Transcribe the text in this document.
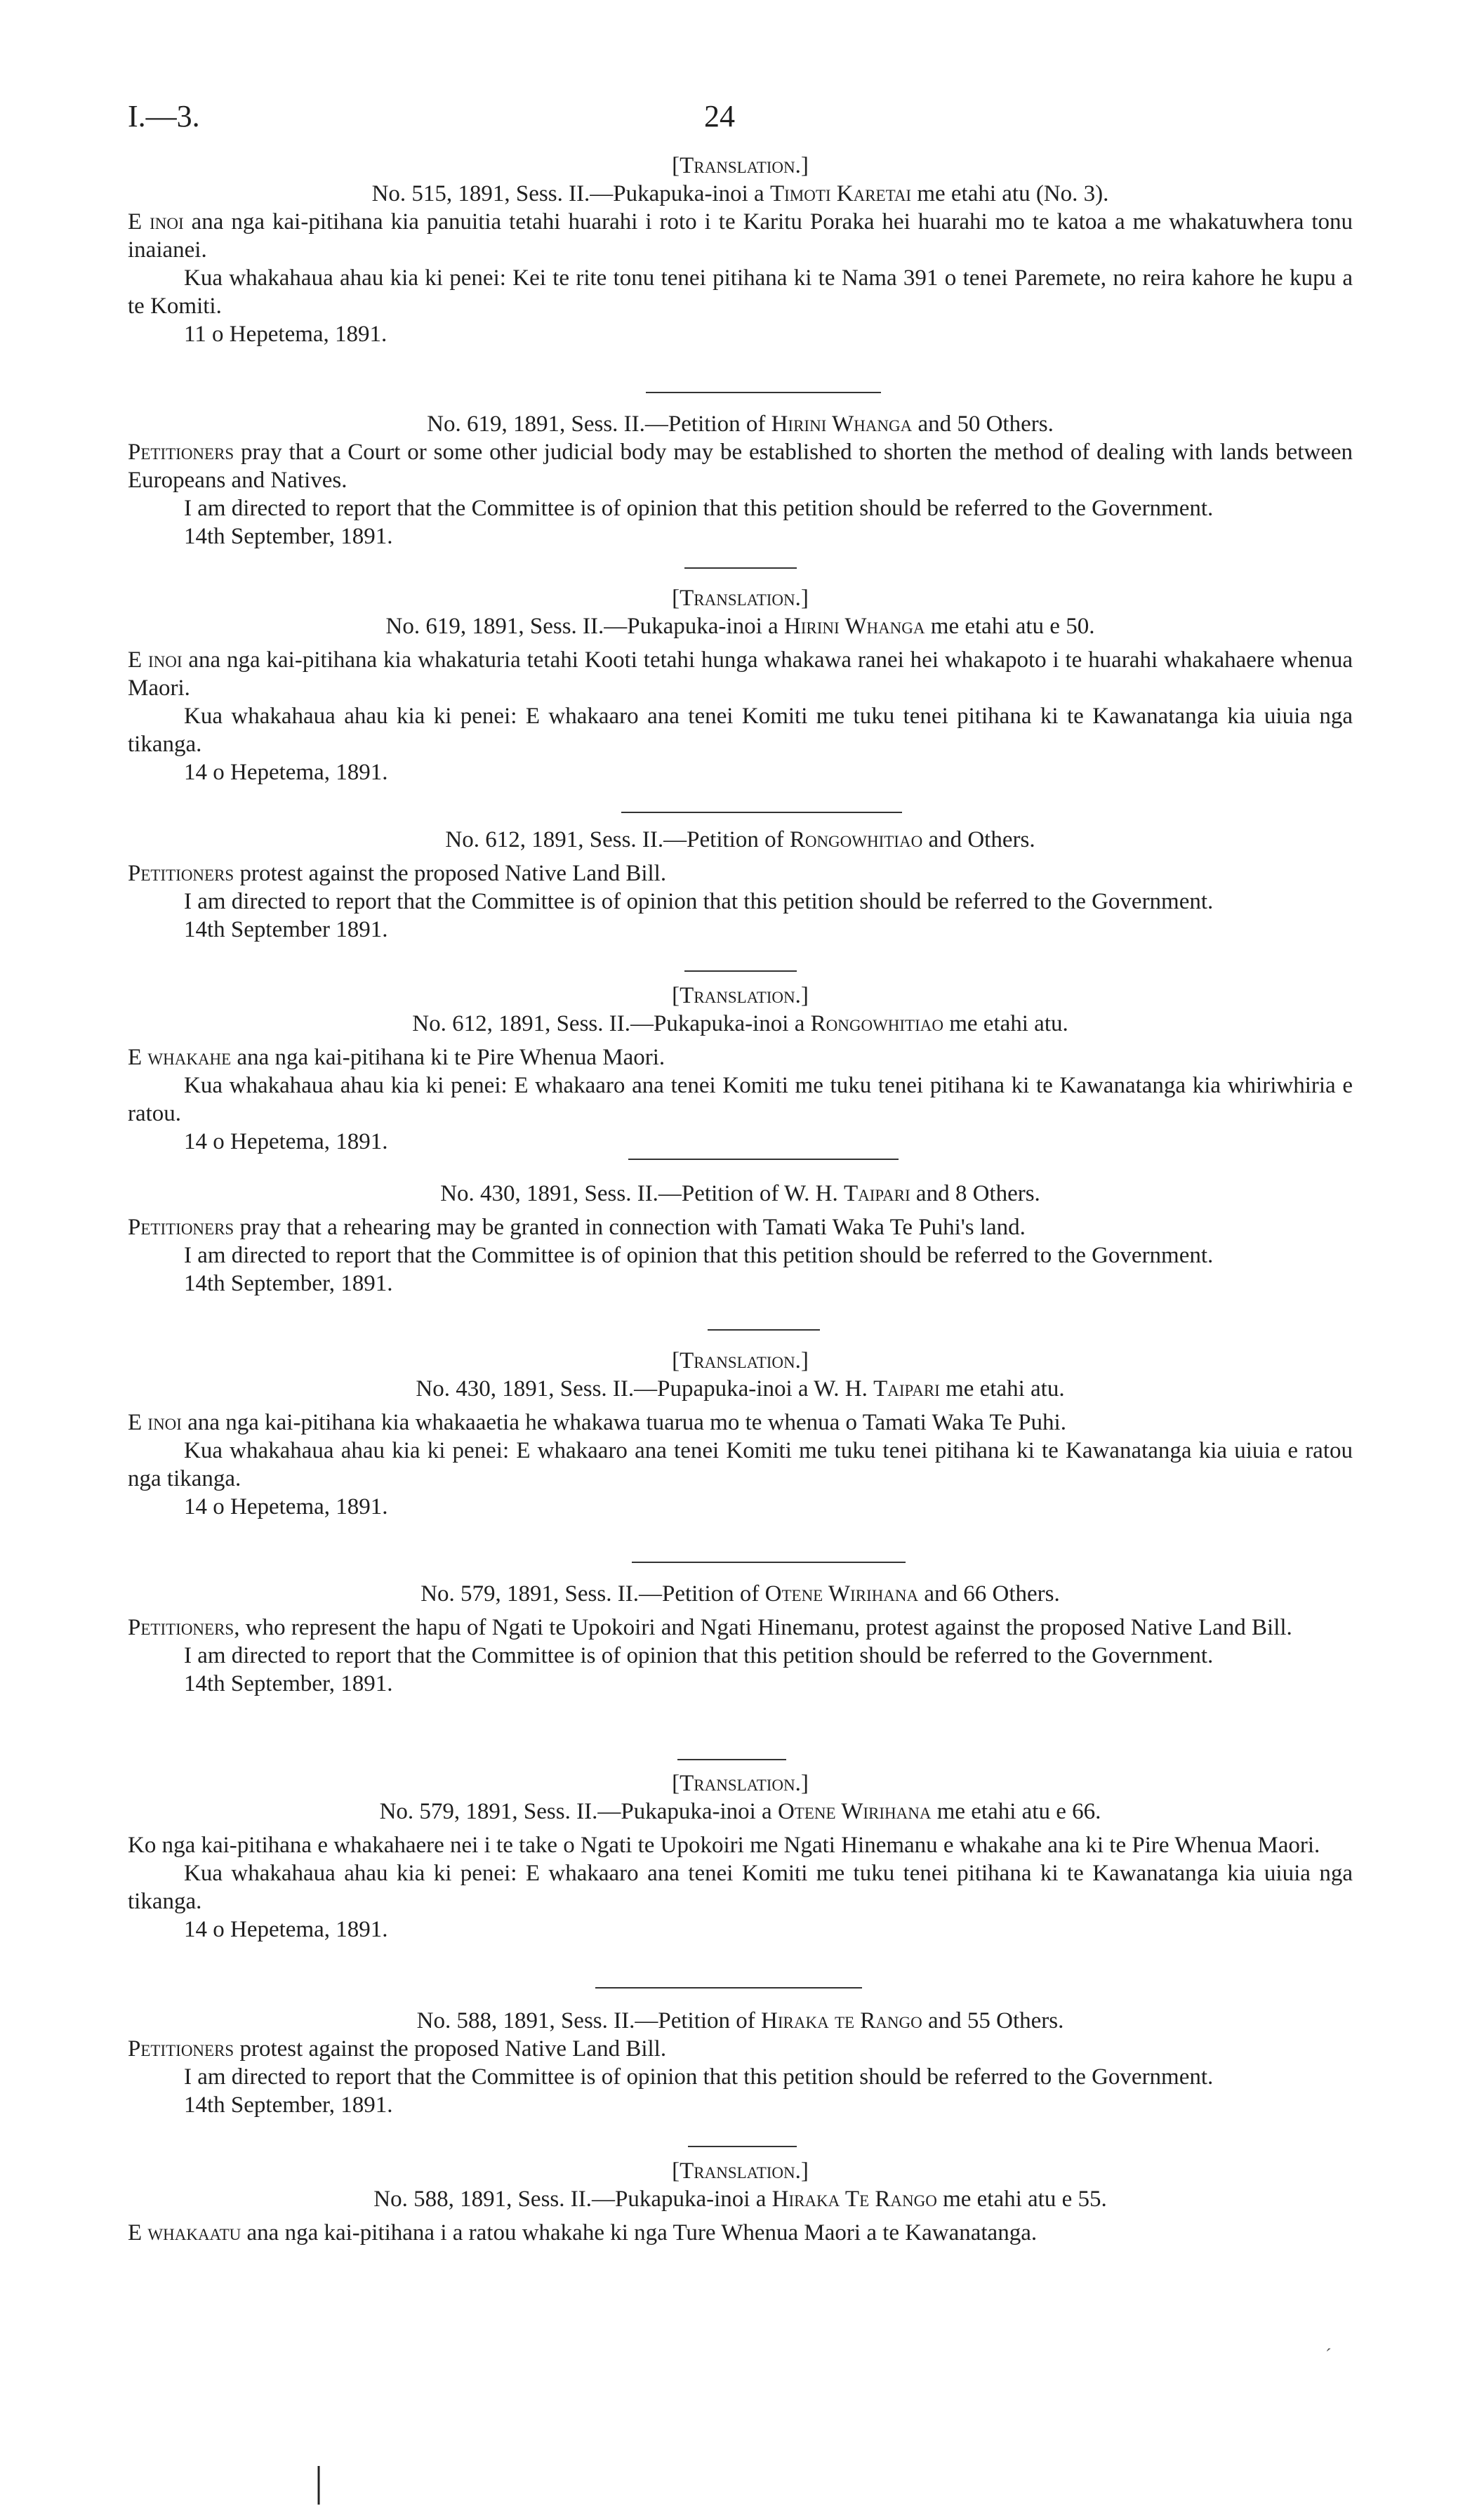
I.—3.	24

[Translation.]

No. 515, 1891, Sess. II.—Pukapuka-inoi a Timoti Karetai me etahi atu (No. 3).

E inoi ana nga kai-pitihana kia panuitia tetahi huarahi i roto i te Karitu Poraka hei huarahi mo te katoa a me whakatuwhera tonu inaianei.

Kua whakahaua ahau kia ki penei: Kei te rite tonu tenei pitihana ki te Nama 391 o tenei Paremete, no reira kahore he kupu a te Komiti.

11 o Hepetema, 1891.

No. 619, 1891, Sess. II.—Petition of Hirini Whanga and 50 Others.

Petitioners pray that a Court or some other judicial body may be established to shorten the method of dealing with lands between Europeans and Natives.

I am directed to report that the Committee is of opinion that this petition should be referred to the Government.

14th September, 1891.

[Translation.]

No. 619, 1891, Sess. II.—Pukapuka-inoi a Hirini Whanga me etahi atu e 50.

E inoi ana nga kai-pitihana kia whakaturia tetahi Kooti tetahi hunga whakawa ranei hei whakapoto i te huarahi whakahaere whenua Maori.

Kua whakahaua ahau kia ki penei: E whakaaro ana tenei Komiti me tuku tenei pitihana ki te Kawanatanga kia uiuia nga tikanga.

14 o Hepetema, 1891.

No. 612, 1891, Sess. II.—Petition of Rongowhitiao and Others.

Petitioners protest against the proposed Native Land Bill.

I am directed to report that the Committee is of opinion that this petition should be referred to the Government.

14th September 1891.

[Translation.]

No. 612, 1891, Sess. II.—Pukapuka-inoi a Rongowhitiao me etahi atu.

E whakahe ana nga kai-pitihana ki te Pire Whenua Maori.

Kua whakahaua ahau kia ki penei: E whakaaro ana tenei Komiti me tuku tenei pitihana ki te Kawanatanga kia whiriwhiria e ratou.

14 o Hepetema, 1891.

No. 430, 1891, Sess. II.—Petition of W. H. Taipari and 8 Others.

Petitioners pray that a rehearing may be granted in connection with Tamati Waka Te Puhi's land.

I am directed to report that the Committee is of opinion that this petition should be referred to the Government.

14th September, 1891.

[Translation.]

No. 430, 1891, Sess. II.—Pupapuka-inoi a W. H. Taipari me etahi atu.

E inoi ana nga kai-pitihana kia whakaaetia he whakawa tuarua mo te whenua o Tamati Waka Te Puhi.

Kua whakahaua ahau kia ki penei: E whakaaro ana tenei Komiti me tuku tenei pitihana ki te Kawanatanga kia uiuia e ratou nga tikanga.

14 o Hepetema, 1891.

No. 579, 1891, Sess. II.—Petition of Otene Wirihana and 66 Others.

Petitioners, who represent the hapu of Ngati te Upokoiri and Ngati Hinemanu, protest against the proposed Native Land Bill.

I am directed to report that the Committee is of opinion that this petition should be referred to the Government.

14th September, 1891.

[Translation.]

No. 579, 1891, Sess. II.—Pukapuka-inoi a Otene Wirihana me etahi atu e 66.

Ko nga kai-pitihana e whakahaere nei i te take o Ngati te Upokoiri me Ngati Hinemanu e whakahe ana ki te Pire Whenua Maori.

Kua whakahaua ahau kia ki penei: E whakaaro ana tenei Komiti me tuku tenei pitihana ki te Kawanatanga kia uiuia nga tikanga.

14 o Hepetema, 1891.

No. 588, 1891, Sess. II.—Petition of Hiraka te Rango and 55 Others.

Petitioners protest against the proposed Native Land Bill.

I am directed to report that the Committee is of opinion that this petition should be referred to the Government.

14th September, 1891.

[Translation.]

No. 588, 1891, Sess. II.—Pukapuka-inoi a Hiraka Te Rango me etahi atu e 55.

E whakaatu ana nga kai-pitihana i a ratou whakahe ki nga Ture Whenua Maori a te Kawanatanga.

´
|
